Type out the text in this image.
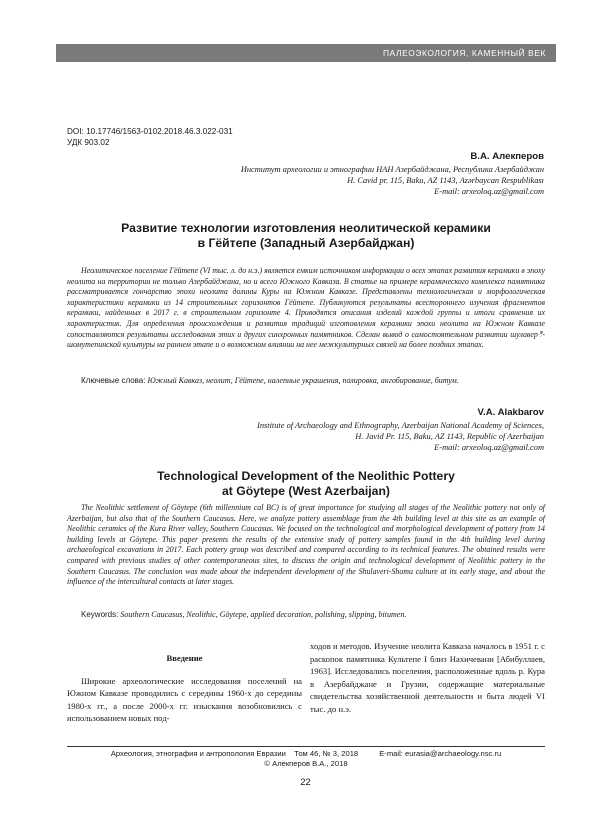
ПАЛЕОЭКОЛОГИЯ, КАМЕННЫЙ ВЕК
DOI: 10.17746/1563-0102.2018.46.3.022-031
УДК 903.02
В.А. Алекперов
Институт археологии и этнографии НАН Азербайджана, Республика Азербайджан
H. Cavid pr. 115, Baku, AZ 1143, Azərbaycan Respublikası
E-mail: arxeoloq.az@gmail.com
Развитие технологии изготовления неолитической керамики
в Гёйтепе (Западный Азербайджан)
Неолитическое поселение Гёйтепе (VI тыс. л. до н.э.) является емким источником информации о всех этапах развития керамики в эпоху неолита на территории не только Азербайджана, но и всего Южного Кавказа. В статье на примере керамического комплекса памятника рассматривается гончарство эпохи неолита долины Куры на Южном Кавказе. Представлены технологическая и морфологическая характеристики керамики из 14 строительных горизонтов Гёйтепе. Публикуются результаты всестороннего изучения фрагментов керамики, найденных в 2017 г. в строительном горизонте 4. Приводятся описания изделий каждой группы и итоги сравнения их характеристик. Для определения происхождения и развития традиций изготовления керамики эпохи неолита на Южном Кавказе сопоставляются результаты исследования этих и других синхронных памятников. Сделан вывод о самостоятельном развитии шулаверి-шомутепинской культуры на раннем этапе и о возможном влиянии на нее межкультурных связей на более поздних этапах.
Ключевые слова: Южный Кавказ, неолит, Гёйтепе, налепные украшения, полировка, ангобирование, битум.
V.A. Alakbarov
Institute of Archaeology and Ethnography, Azerbaijan National Academy of Sciences,
H. Javid Pr. 115, Baku, AZ 1143, Republic of Azerbaijan
E-mail: arxeoloq.az@gmail.com
Technological Development of the Neolithic Pottery
at Göytepe (West Azerbaijan)
The Neolithic settlement of Göytepe (6th millennium cal BC) is of great importance for studying all stages of the Neolithic pottery not only of Azerbaijan, but also that of the Southern Caucasus. Here, we analyze pottery assemblage from the 4th building level at this site as an example of Neolithic ceramics of the Kura River valley, Southern Caucasus. We focused on the technological and morphological development of pottery from 14 building levels at Göytepe. This paper presents the results of the extensive study of pottery samples found in the 4th building level during archaeological excavations in 2017. Each pottery group was described and compared according to its technical features. The obtained results were compared with previous studies of other contemporaneous sites, to discuss the origin and technological development of Neolithic pottery in the Southern Caucasus. The conclusion was made about the independent development of the Shulaveri-Shomu culture at its early stage, and about the influence of the intercultural contacts at later stages.
Keywords: Southern Caucasus, Neolithic, Göytepe, applied decoration, polishing, slipping, bitumen.

Введение

Широкие археологические исследования поселений на Южном Кавказе проводились с середины 1960-х до середины 1980-х гг., а после 2000-х гг. изыскания возобновились с использованием новых под-

ходов и методов. Изучение неолита Кавказа началось в 1951 г. с раскопок памятника Культепе I близ Нахичевани [Абибуллаев, 1963]. Исследовались поселения, расположенные вдоль р. Кура в Азербайджане и Грузии, содержащие материальные свидетельства хозяйственной деятельности и быта людей VI тыс. до н.э.

Археология, этнография и антропология Евразии    Том 46, № 3, 2018          E-mail: eurasia@archaeology.nsc.ru
© Алекперов В.А., 2018
22
